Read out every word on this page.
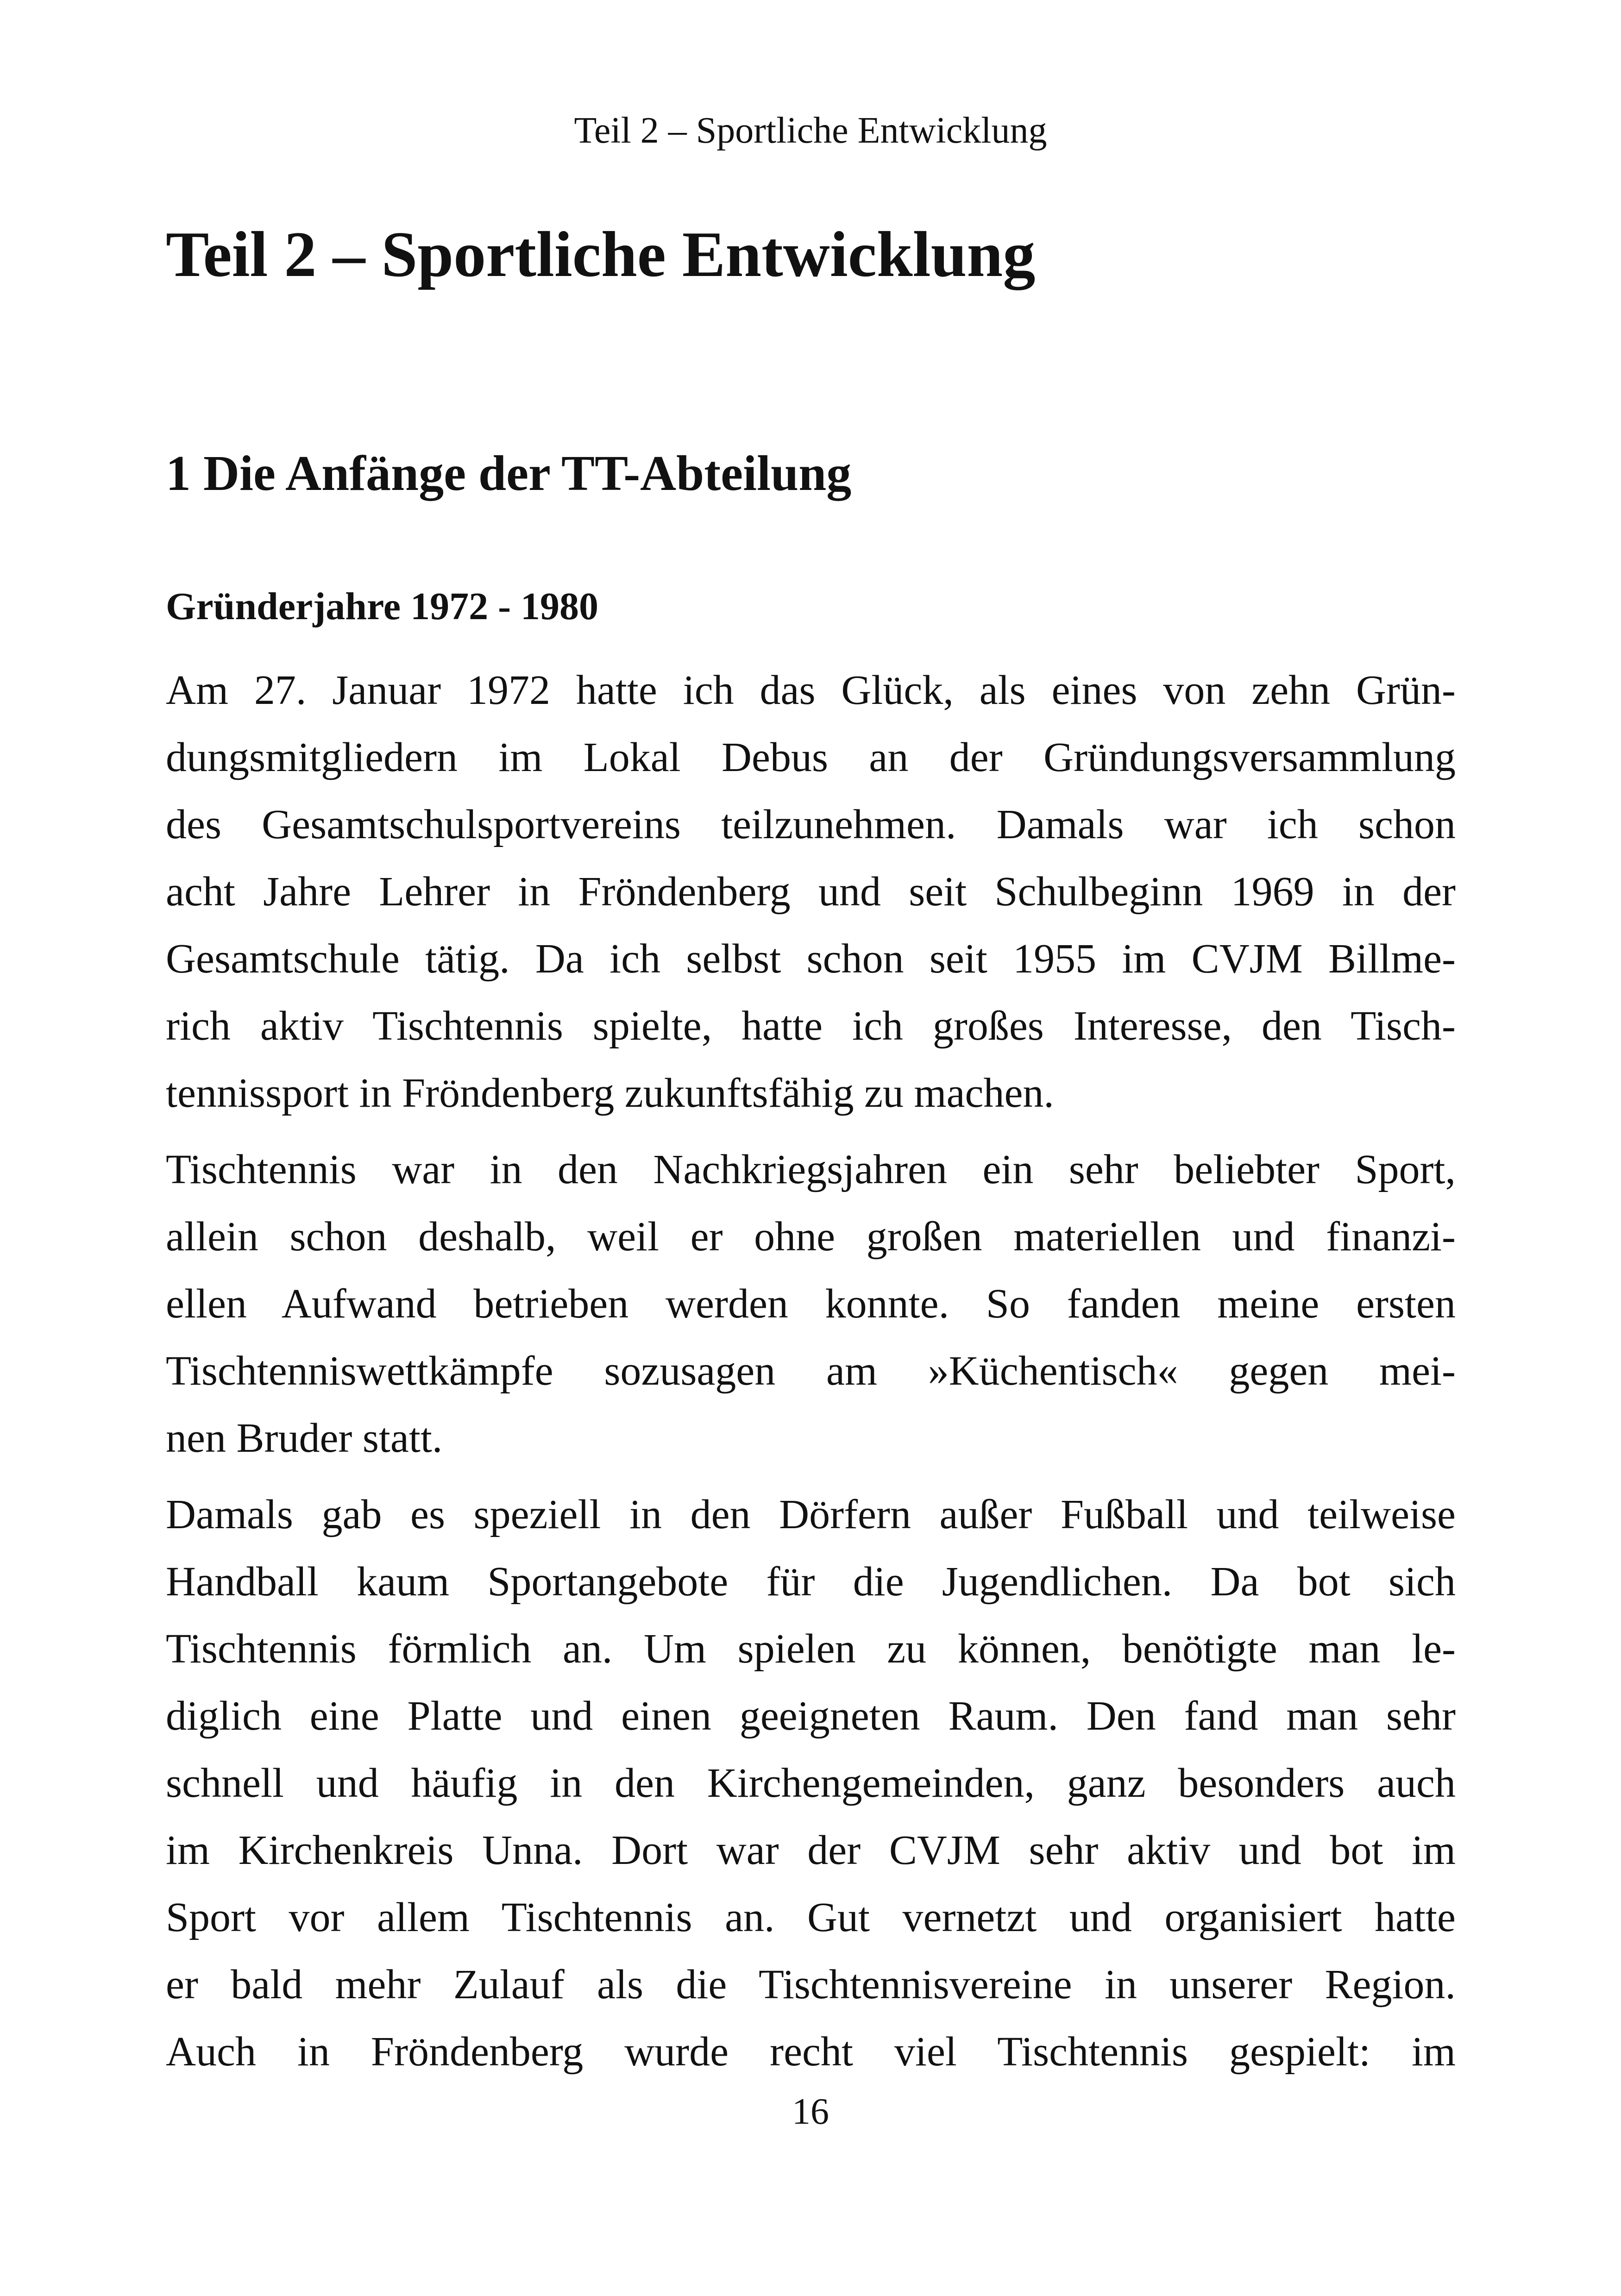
Teil 2 – Sportliche Entwicklung
Teil 2 – Sportliche Entwicklung
1 Die Anfänge der TT-Abteilung
Gründerjahre 1972 - 1980

Am 27. Januar 1972 hatte ich das Glück, als eines von zehn Grün-
dungsmitgliedern im Lokal Debus an der Gründungsversammlung
des Gesamtschulsportvereins teilzunehmen. Damals war ich schon
acht Jahre Lehrer in Fröndenberg und seit Schulbeginn 1969 in der
Gesamtschule tätig. Da ich selbst schon seit 1955 im CVJM Billme-
rich aktiv Tischtennis spielte, hatte ich großes Interesse, den Tisch-
tennissport in Fröndenberg zukunftsfähig zu machen.

Tischtennis war in den Nachkriegsjahren ein sehr beliebter Sport,
allein schon deshalb, weil er ohne großen materiellen und finanzi-
ellen Aufwand betrieben werden konnte. So fanden meine ersten
Tischtenniswettkämpfe sozusagen am »Küchentisch« gegen mei-
nen Bruder statt.

Damals gab es speziell in den Dörfern außer Fußball und teilweise
Handball kaum Sportangebote für die Jugendlichen. Da bot sich
Tischtennis förmlich an. Um spielen zu können, benötigte man le-
diglich eine Platte und einen geeigneten Raum. Den fand man sehr
schnell und häufig in den Kirchengemeinden, ganz besonders auch
im Kirchenkreis Unna. Dort war der CVJM sehr aktiv und bot im
Sport vor allem Tischtennis an. Gut vernetzt und organisiert hatte
er bald mehr Zulauf als die Tischtennisvereine in unserer Region.
Auch in Fröndenberg wurde recht viel Tischtennis gespielt: im

16
